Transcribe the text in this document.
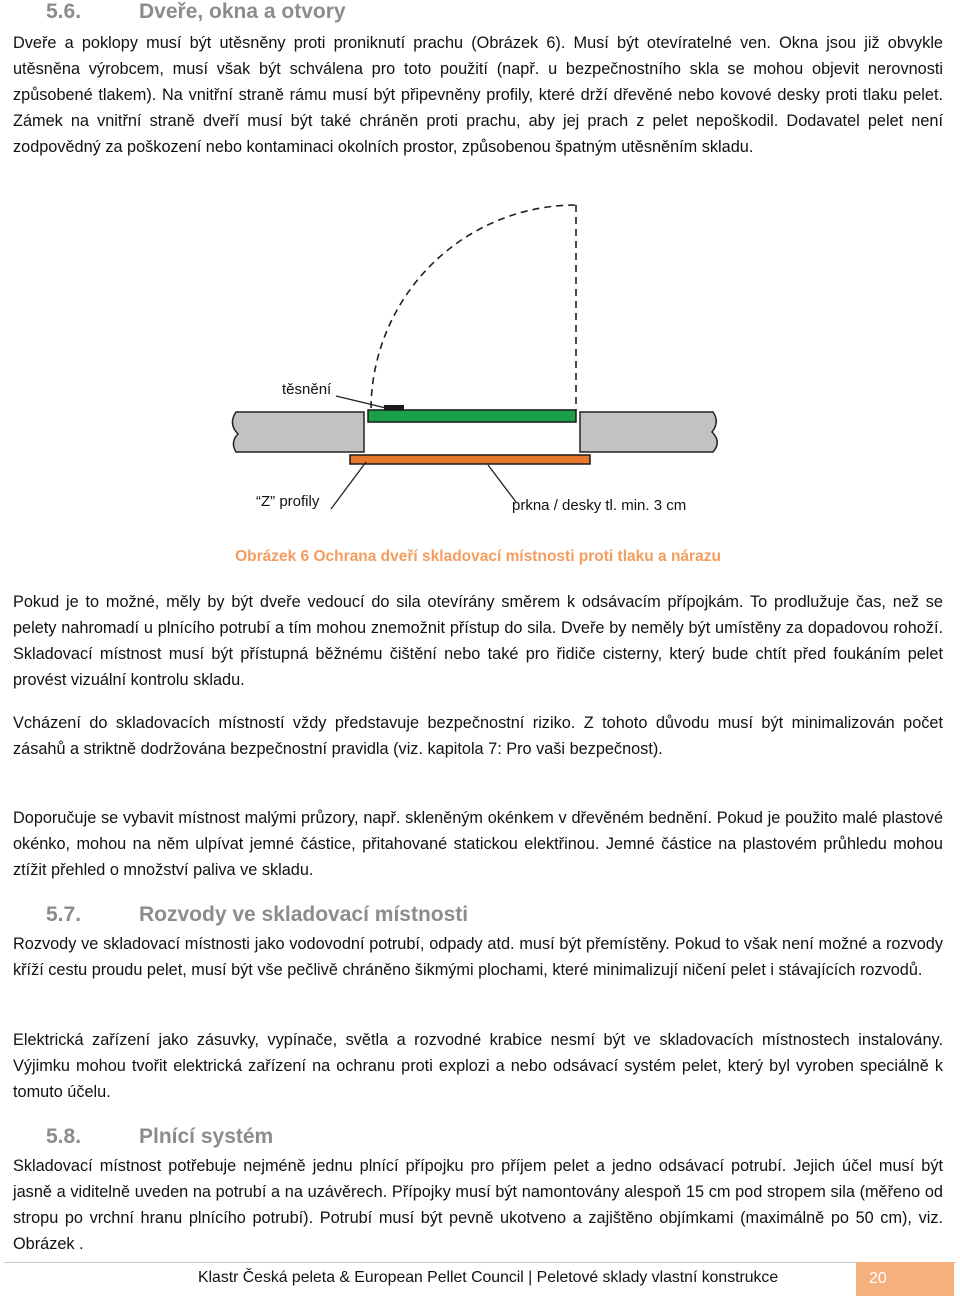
5.6.	Dveře, okna a otvory

Dveře a poklopy musí být utěsněny proti proniknutí prachu (Obrázek 6). Musí být otevíratelné ven. Okna jsou již obvykle utěsněna výrobcem, musí však být schválena pro toto použití (např. u bezpečnostního skla se mohou objevit nerovnosti způsobené tlakem). Na vnitřní straně rámu musí být připevněny profily, které drží dřevěné nebo kovové desky proti tlaku pelet. Zámek na vnitřní straně dveří musí být také chráněn proti prachu, aby jej prach z pelet nepoškodil. Dodavatel pelet není zodpovědný za poškození nebo kontaminaci okolních prostor, způsobenou špatným utěsněním skladu.

těsnění
“Z” profily	prkna / desky tl. min. 3 cm

Obrázek 6 Ochrana dveří skladovací místnosti proti tlaku a nárazu

Pokud je to možné, měly by být dveře vedoucí do sila otevírány směrem k odsávacím přípojkám. To prodlužuje čas, než se pelety nahromadí u plnícího potrubí a tím mohou znemožnit přístup do sila. Dveře by neměly být umístěny za dopadovou rohoží. Skladovací místnost musí být přístupná běžnému čištění nebo také pro řidiče cisterny, který bude chtít před foukáním pelet provést vizuální kontrolu skladu.

Vcházení do skladovacích místností vždy představuje bezpečnostní riziko. Z tohoto důvodu musí být minimalizován počet zásahů a striktně dodržována bezpečnostní pravidla (viz. kapitola 7: Pro vaši bezpečnost).

Doporučuje se vybavit místnost malými průzory, např. skleněným okénkem v dřevěném bednění. Pokud je použito malé plastové okénko, mohou na něm ulpívat jemné částice, přitahované statickou elektřinou. Jemné částice na plastovém průhledu mohou ztížit přehled o množství paliva ve skladu.

5.7.	Rozvody ve skladovací místnosti

Rozvody ve skladovací místnosti jako vodovodní potrubí, odpady atd. musí být přemístěny. Pokud to však není možné a rozvody kříží cestu proudu pelet, musí být vše pečlivě chráněno šikmými plochami, které minimalizují ničení pelet i stávajících rozvodů.

Elektrická zařízení jako zásuvky, vypínače, světla a rozvodné krabice nesmí být ve skladovacích místnostech instalovány. Výjimku mohou tvořit elektrická zařízení na ochranu proti explozi a nebo odsávací systém pelet, který byl vyroben speciálně k tomuto účelu.

5.8.	Plnící systém

Skladovací místnost potřebuje nejméně jednu plnící přípojku pro příjem pelet a jedno odsávací potrubí. Jejich účel musí být jasně a viditelně uveden na potrubí a na uzávěrech. Přípojky musí být namontovány alespoň 15 cm pod stropem sila (měřeno od stropu po vrchní hranu plnícího potrubí). Potrubí musí být pevně ukotveno a zajištěno objímkami (maximálně po 50 cm), viz. Obrázek .

Klastr Česká peleta & European Pellet Council | Peletové sklady vlastní konstrukce	20
